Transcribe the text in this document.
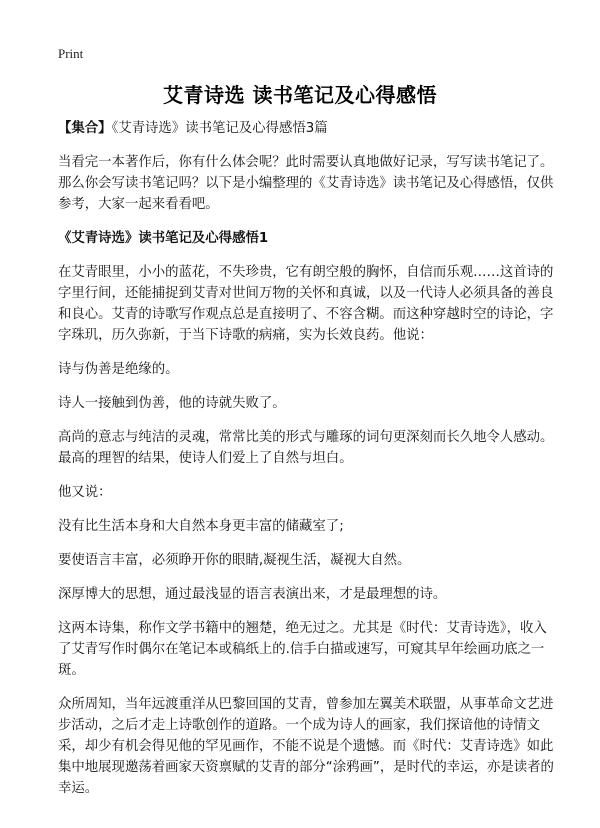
Print
艾青诗选 读书笔记及心得感悟

【集合】《艾青诗选》读书笔记及心得感悟3篇

当看完一本著作后，你有什么体会呢？此时需要认真地做好记录，写写读书笔记了。那么你会写读书笔记吗？以下是小编整理的《艾青诗选》读书笔记及心得感悟，仅供参考，大家一起来看看吧。

《艾青诗选》读书笔记及心得感悟1

在艾青眼里，小小的蓝花，不失珍贵，它有朗空般的胸怀，自信而乐观……这首诗的字里行间，还能捕捉到艾青对世间万物的关怀和真诚，以及一代诗人必须具备的善良和良心。艾青的诗歌写作观点总是直接明了、不容含糊。而这种穿越时空的诗论，字字珠玑，历久弥新，于当下诗歌的病痛，实为长效良药。他说：

诗与伪善是绝缘的。

诗人一接触到伪善，他的诗就失败了。

高尚的意志与纯洁的灵魂，常常比美的形式与雕琢的词句更深刻而长久地令人感动。最高的理智的结果，使诗人们爱上了自然与坦白。

他又说：

没有比生活本身和大自然本身更丰富的储藏室了;

要使语言丰富，必须睁开你的眼睛,凝视生活，凝视大自然。

深厚博大的思想，通过最浅显的语言表演出来，才是最理想的诗。

这两本诗集，称作文学书籍中的翘楚，绝无过之。尤其是《时代：艾青诗选》，收入了艾青写作时偶尔在笔记本或稿纸上的.信手白描或速写，可窥其早年绘画功底之一斑。

众所周知，当年远渡重洋从巴黎回国的艾青，曾参加左翼美术联盟，从事革命文艺进步活动，之后才走上诗歌创作的道路。一个成为诗人的画家，我们探谙他的诗情文采，却少有机会得见他的罕见画作，不能不说是个遗憾。而《时代：艾青诗选》如此集中地展现邀荡着画家天资禀赋的艾青的部分“涂鸦画”，是时代的幸运，亦是读者的幸运。
